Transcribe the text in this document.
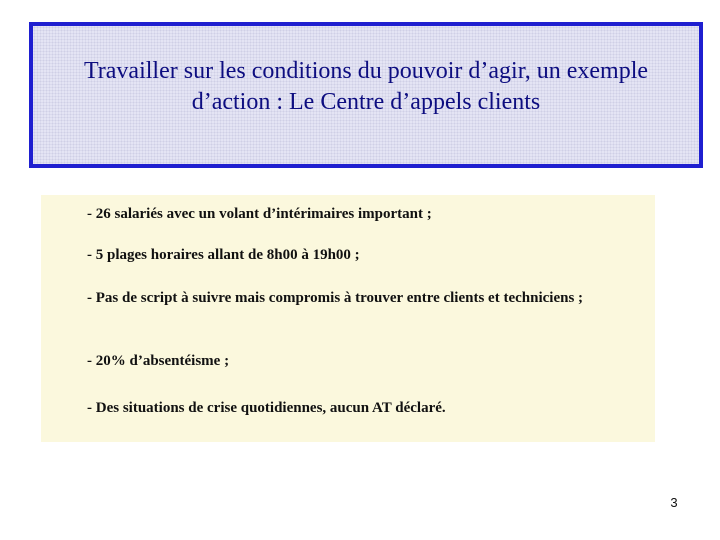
Travailler sur les conditions du pouvoir d’agir, un exemple d’action : Le Centre d’appels clients

- 26 salariés avec un volant d’intérimaires important ;

- 5 plages horaires allant de 8h00 à 19h00 ;

- Pas de script à suivre mais compromis à trouver entre clients et techniciens ;

- 20% d’absentéisme ;

- Des situations de crise quotidiennes, aucun AT déclaré.

3
